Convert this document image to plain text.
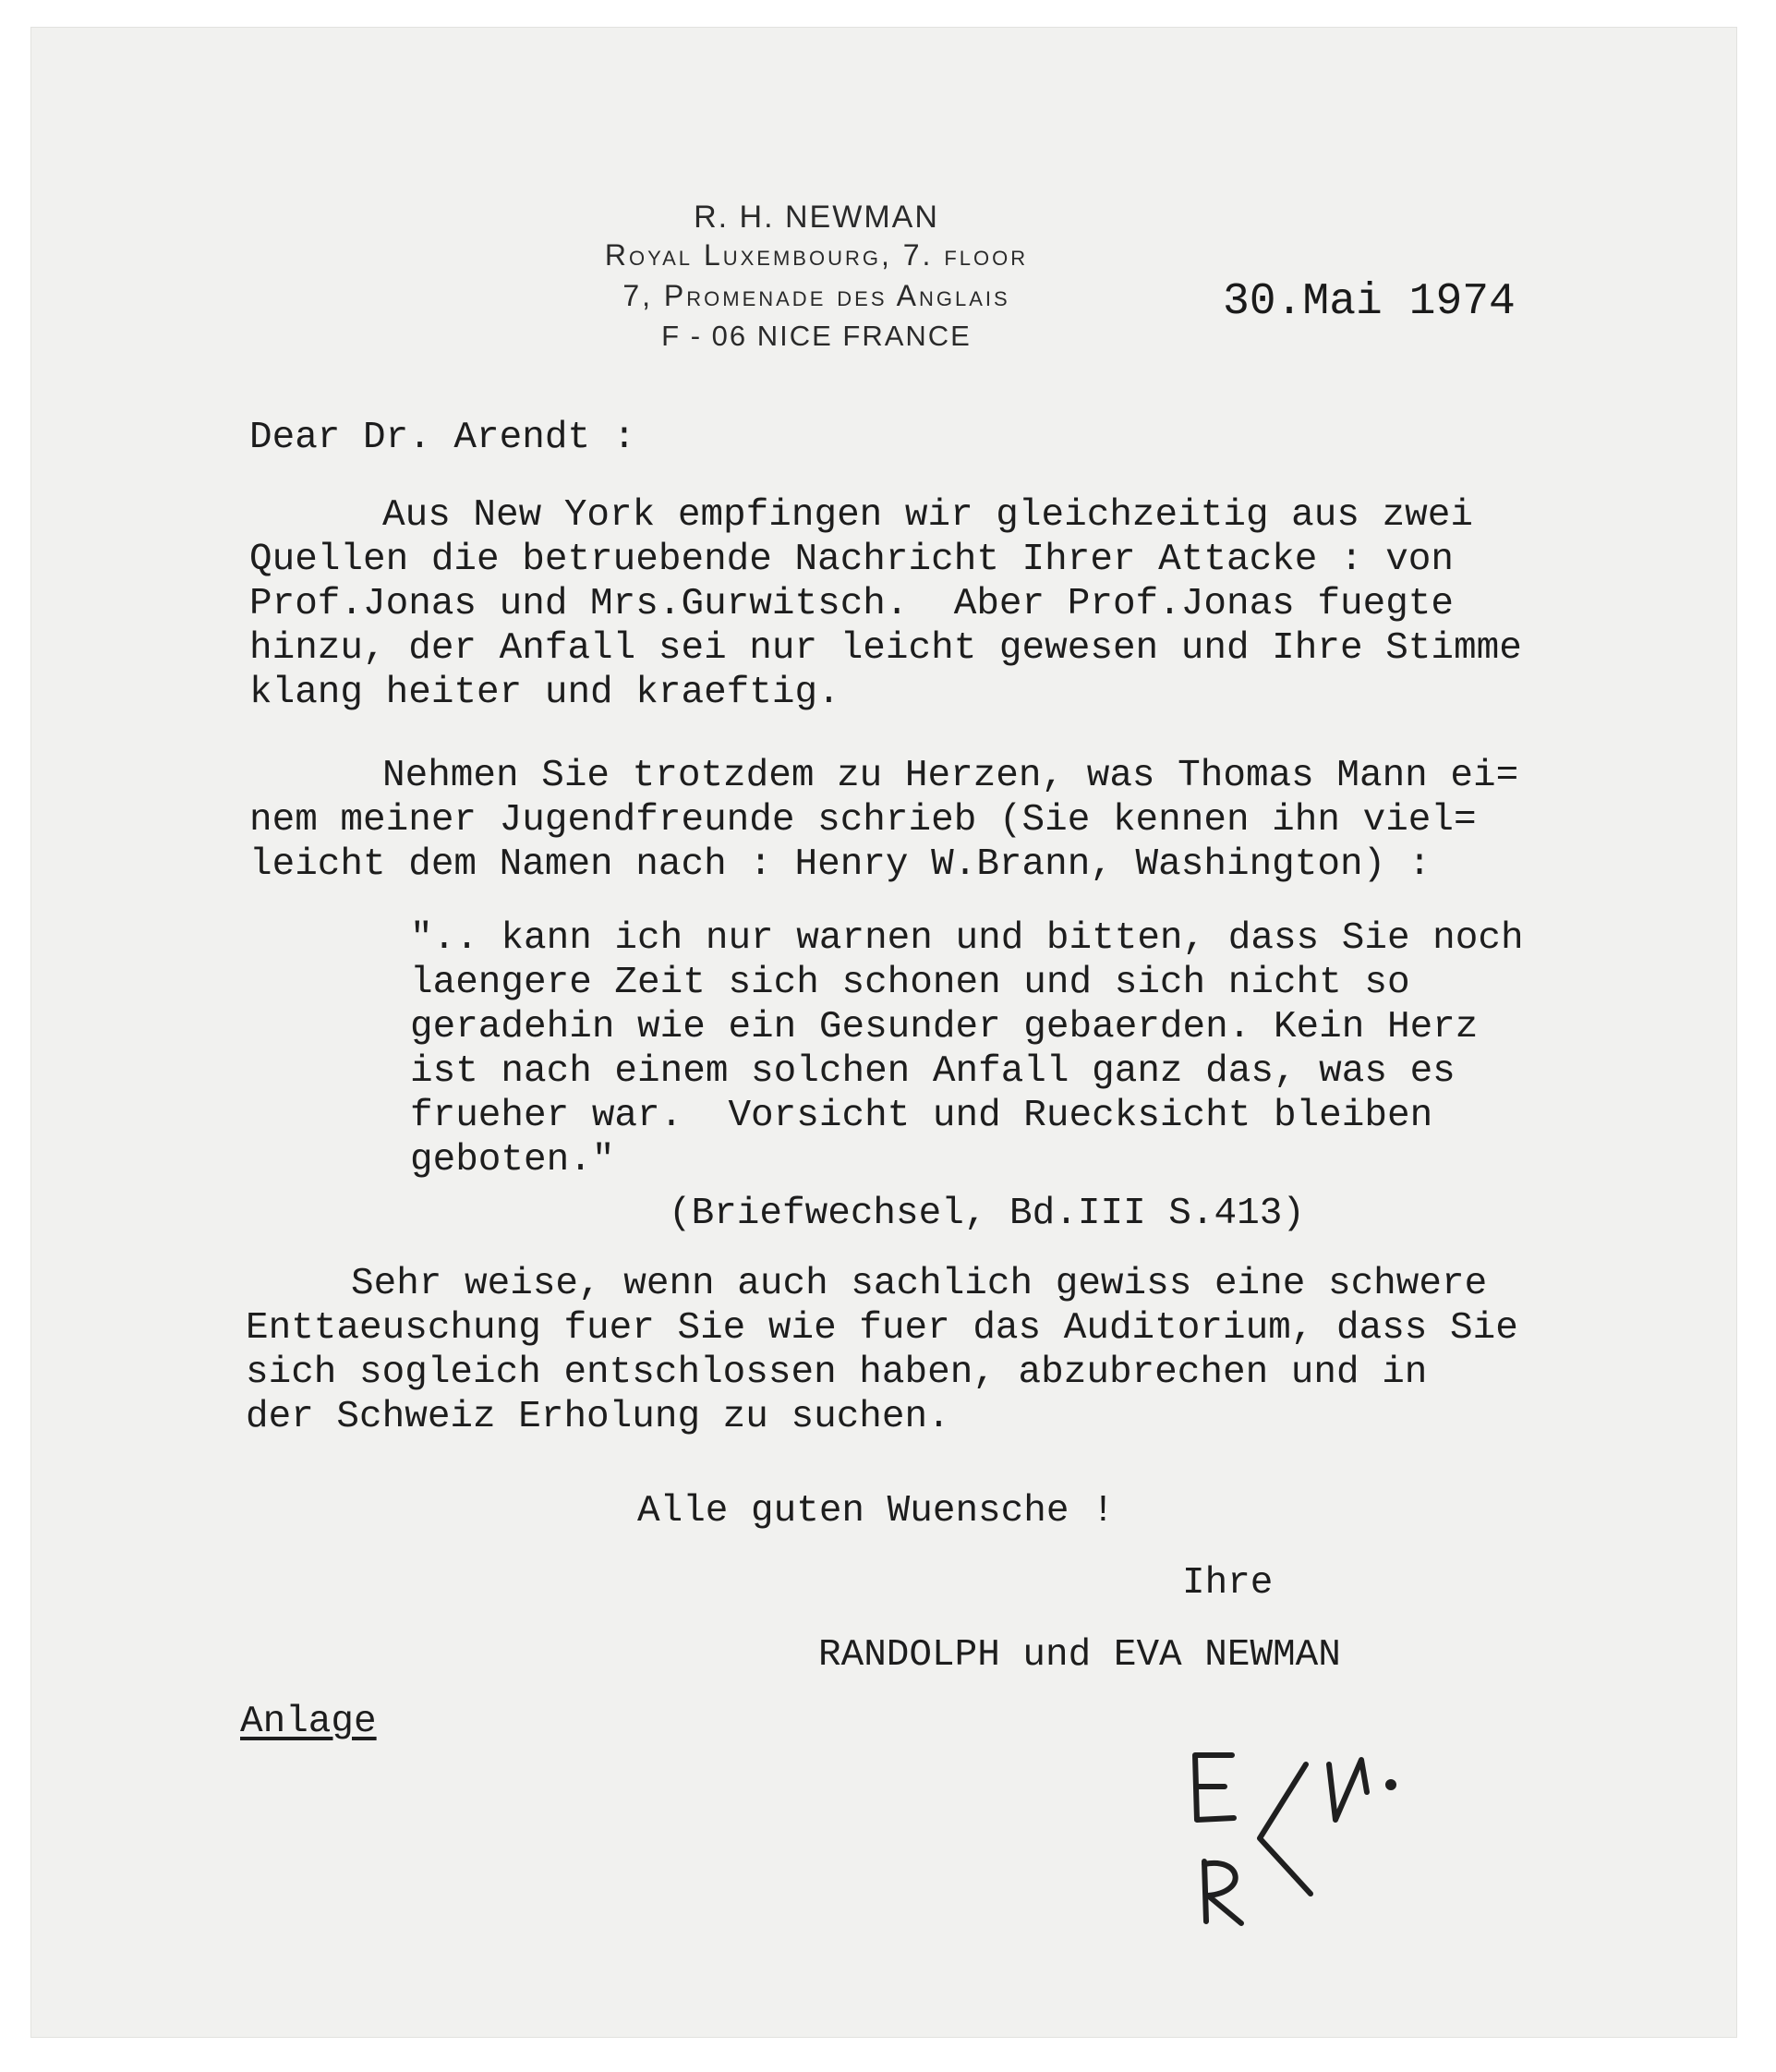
R. H. NEWMAN
Royal Luxembourg, 7. floor
7, Promenade des Anglais
F - 06 NICE FRANCE
30.Mai 1974
Dear Dr. Arendt :
Aus New York empfingen wir gleichzeitig aus zwei
Quellen die betruebende Nachricht Ihrer Attacke : von
Prof.Jonas und Mrs.Gurwitsch.  Aber Prof.Jonas fuegte
hinzu, der Anfall sei nur leicht gewesen und Ihre Stimme
klang heiter und kraeftig.
Nehmen Sie trotzdem zu Herzen, was Thomas Mann ei=
nem meiner Jugendfreunde schrieb (Sie kennen ihn viel=
leicht dem Namen nach : Henry W.Brann, Washington) :
".. kann ich nur warnen und bitten, dass Sie noch
laengere Zeit sich schonen und sich nicht so
geradehin wie ein Gesunder gebaerden. Kein Herz
ist nach einem solchen Anfall ganz das, was es
frueher war.  Vorsicht und Ruecksicht bleiben
geboten."
(Briefwechsel, Bd.III S.413)
Sehr weise, wenn auch sachlich gewiss eine schwere
Enttaeuschung fuer Sie wie fuer das Auditorium, dass Sie
sich sogleich entschlossen haben, abzubrechen und in
der Schweiz Erholung zu suchen.
Alle guten Wuensche !
Ihre
RANDOLPH und EVA NEWMAN
Anlage
